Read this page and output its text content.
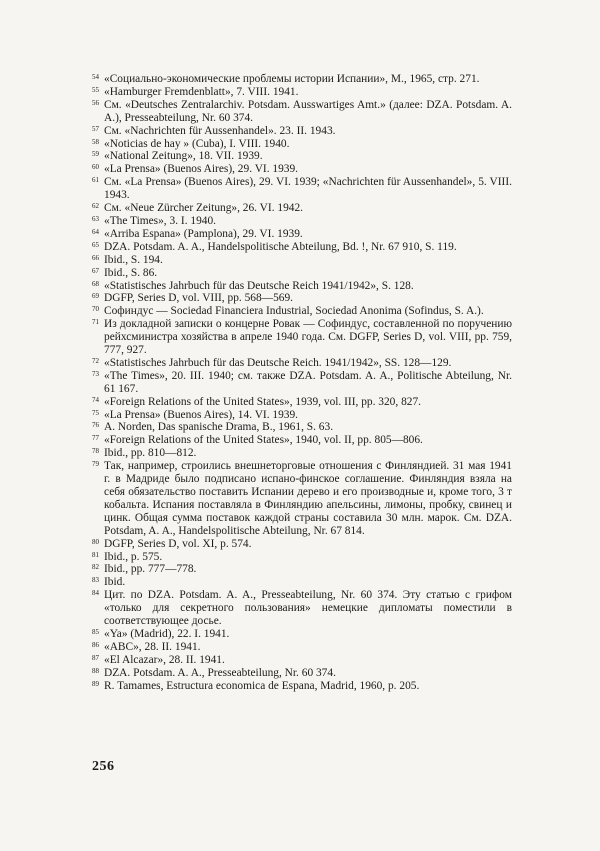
54 «Социально-экономические проблемы истории Испании», М., 1965, стр. 271.
55 «Hamburger Fremdenblatt», 7. VIII. 1941.
56 См. «Deutsches Zentralarchiv. Potsdam. Ausswartiges Amt.» (далее: DZA. Potsdam. A. A.), Presseabteilung, Nr. 60 374.
57 См. «Nachrichten für Aussenhandel». 23. II. 1943.
58 «Noticias de hay » (Cuba), I. VIII. 1940.
59 «National Zeitung», 18. VII. 1939.
60 «La Prensa» (Buenos Aires), 29. VI. 1939.
61 См. «La Prensa» (Buenos Aires), 29. VI. 1939; «Nachrichten für Aussenhandel», 5. VIII. 1943.
62 См. «Neue Zürcher Zeitung», 26. VI. 1942.
63 «The Times», 3. I. 1940.
64 «Arriba Espana» (Pamplona), 29. VI. 1939.
65 DZA. Potsdam. A. A., Handelspolitische Abteilung, Bd. !, Nr. 67 910, S. 119.
66 Ibid., S. 194.
67 Ibid., S. 86.
68 «Statistisches Jahrbuch für das Deutsche Reich 1941/1942», S. 128.
69 DGFP, Series D, vol. VIII, pp. 568—569.
70 Софиндус — Sociedad Financiera Industrial, Sociedad Anonima (Sofindus, S. A.).
71 Из докладной записки о концерне Ровак — Софиндус, составленной по поручению рейхсминистра хозяйства в апреле 1940 года. См. DGFP, Series D, vol. VIII, pp. 759, 777, 927.
72 «Statistisches Jahrbuch für das Deutsche Reich. 1941/1942», SS. 128—129.
73 «The Times», 20. III. 1940; см. также DZA. Potsdam. A. A., Politische Abteilung, Nr. 61 167.
74 «Foreign Relations of the United States», 1939, vol. III, pp. 320, 827.
75 «La Prensa» (Buenos Aires), 14. VI. 1939.
76 A. Norden, Das spanische Drama, B., 1961, S. 63.
77 «Foreign Relations of the United States», 1940, vol. II, pp. 805—806.
78 Ibid., pp. 810—812.
79 Так, например, строились внешнеторговые отношения с Финляндией. 31 мая 1941 г. в Мадриде было подписано испано-финское соглашение. Финляндия взяла на себя обязательство поставить Испании дерево и его производные и, кроме того, 3 т кобальта. Испания поставляла в Финляндию апельсины, лимоны, пробку, свинец и цинк. Общая сумма поставок каждой страны составила 30 млн. марок. См. DZA. Potsdam, A. A., Handelspolitische Abteilung, Nr. 67 814.
80 DGFP, Series D, vol. XI, p. 574.
81 Ibid., p. 575.
82 Ibid., pp. 777—778.
83 Ibid.
84 Цит. по DZA. Potsdam. A. A., Presseabteilung, Nr. 60 374. Эту статью с грифом «только для секретного пользования» немецкие дипломаты поместили в соответствующее досье.
85 «Ya» (Madrid), 22. I. 1941.
86 «ABC», 28. II. 1941.
87 «El Alcazar», 28. II. 1941.
88 DZA. Potsdam. A. A., Presseabteilung, Nr. 60 374.
89 R. Tamames, Estructura economica de Espana, Madrid, 1960, p. 205.
256
